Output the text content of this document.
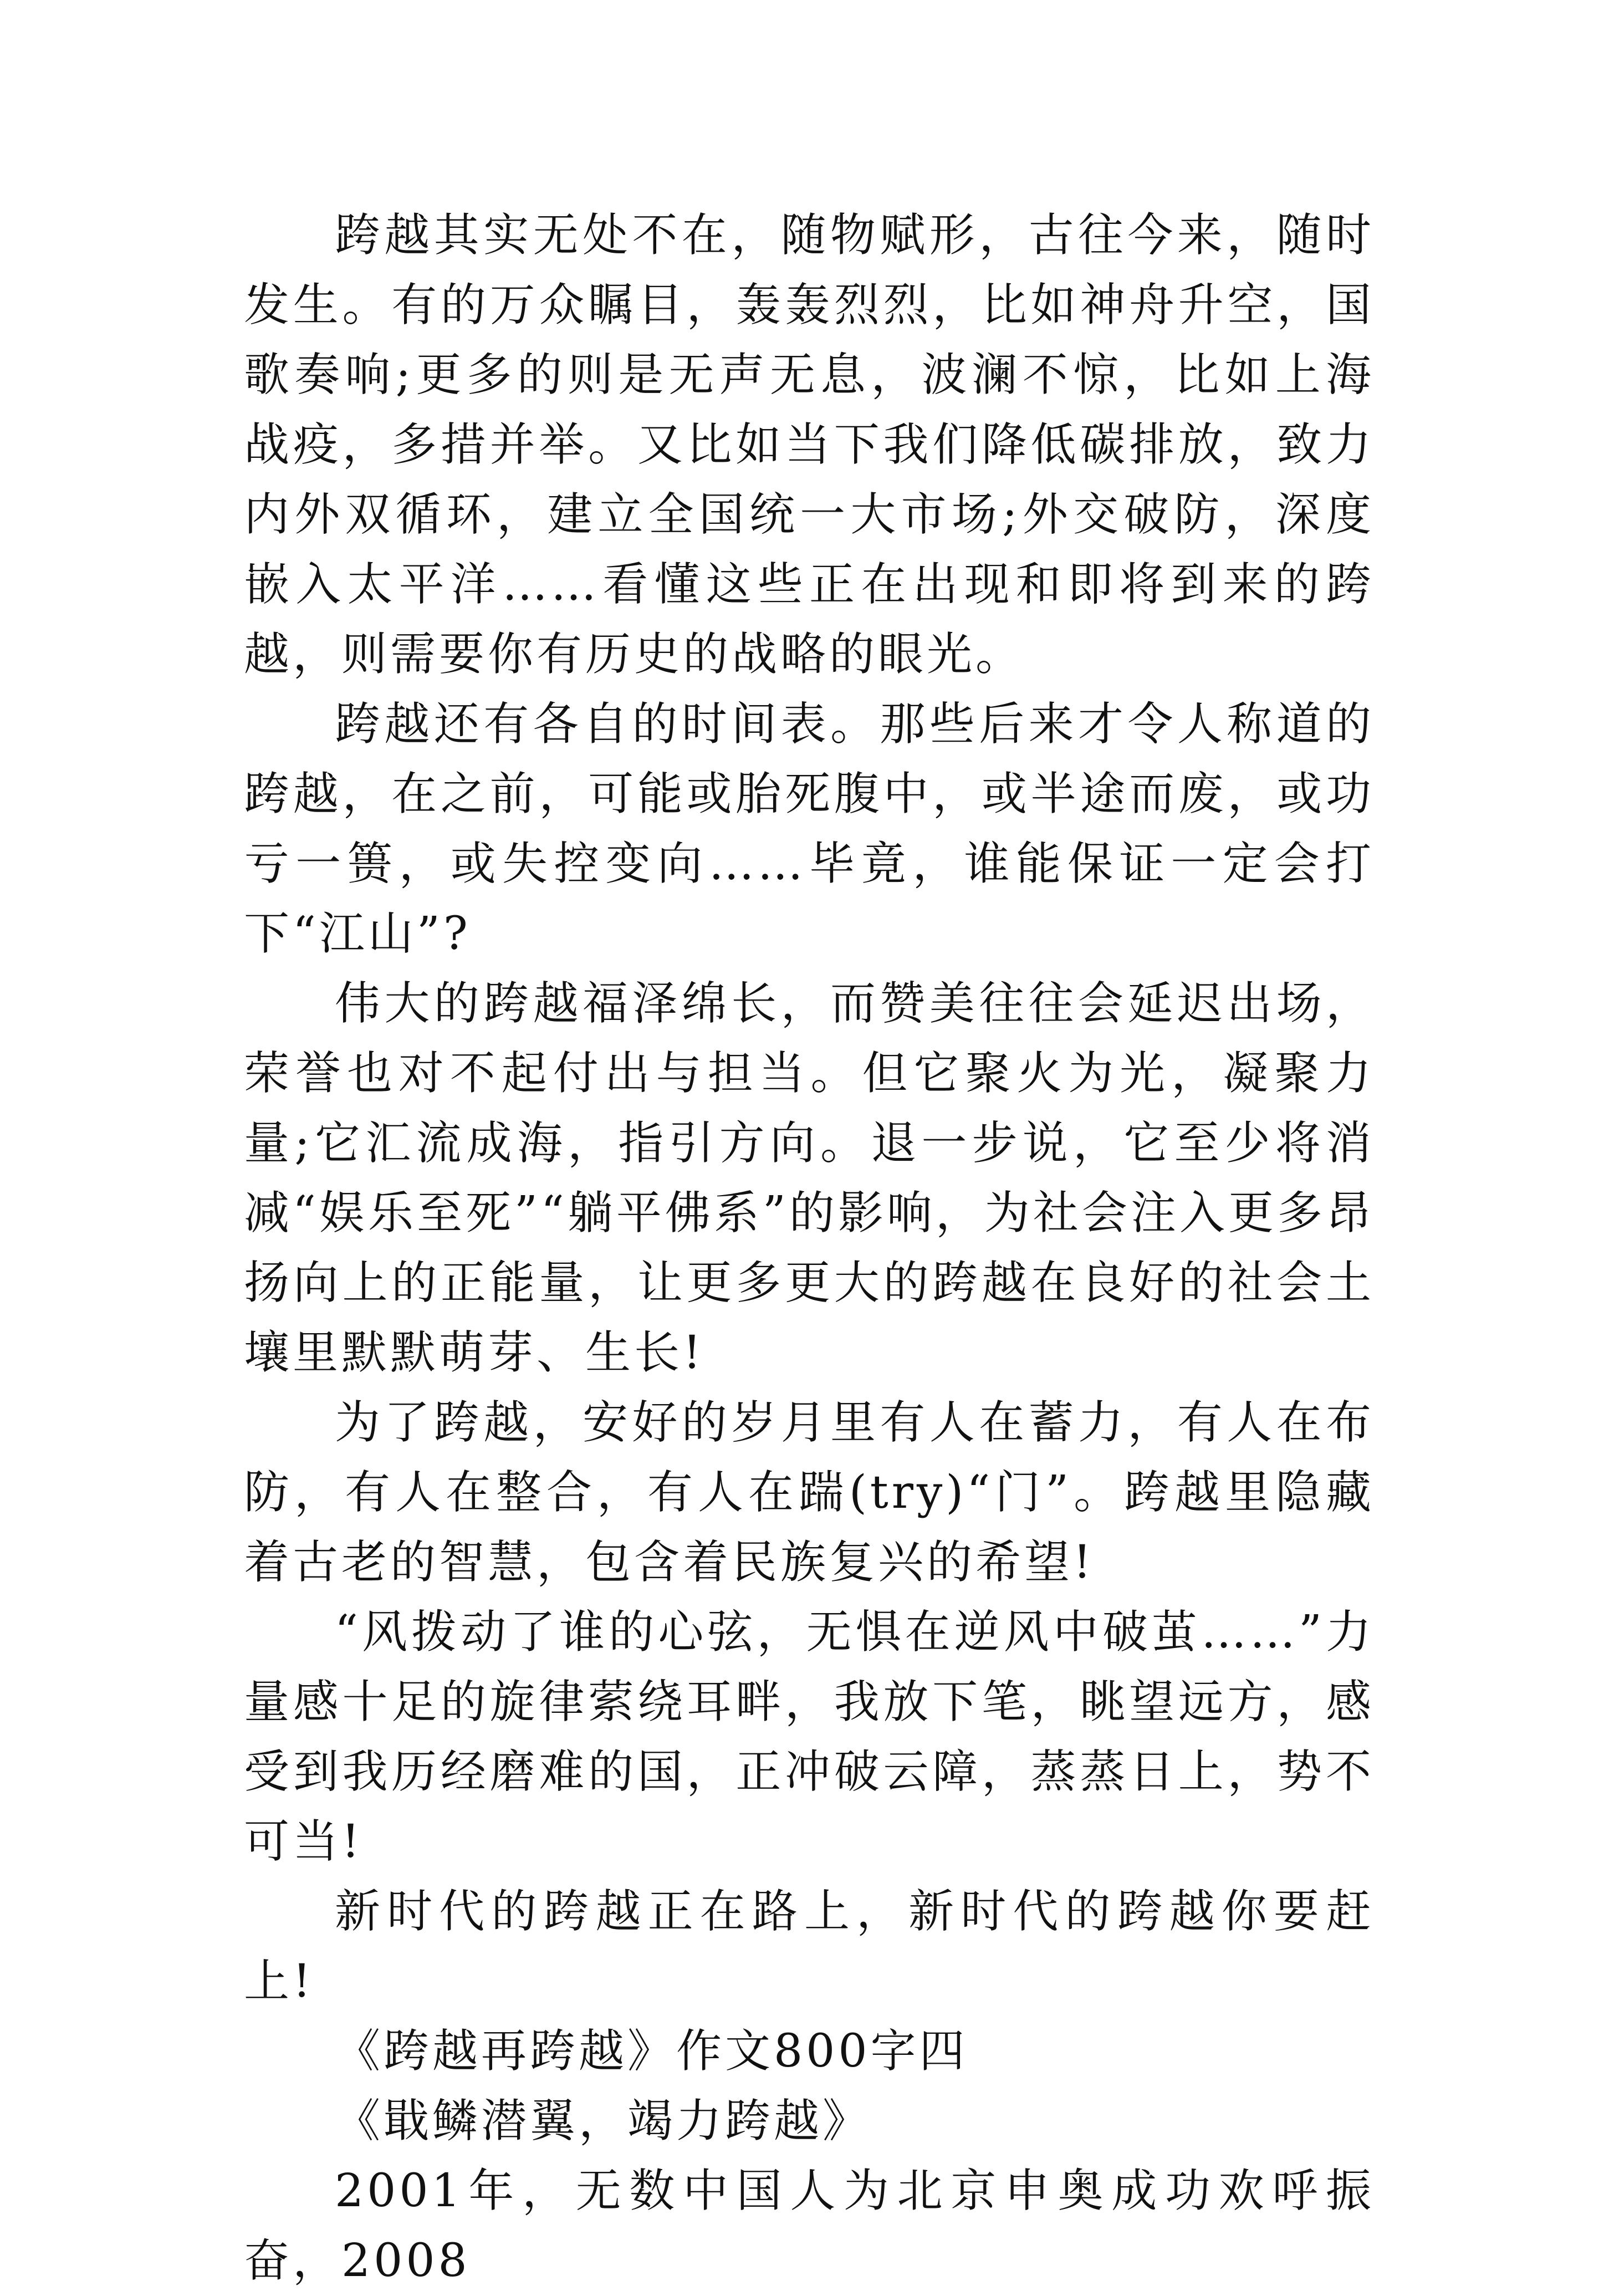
跨越其实无处不在，随物赋形，古往今来，随时发生。有的万众瞩目，轰轰烈烈，比如神舟升空，国歌奏响;更多的则是无声无息，波澜不惊，比如上海战疫，多措并举。又比如当下我们降低碳排放，致力内外双循环，建立全国统一大市场;外交破防，深度嵌入太平洋……看懂这些正在出现和即将到来的跨越，则需要你有历史的战略的眼光。

跨越还有各自的时间表。那些后来才令人称道的跨越，在之前，可能或胎死腹中，或半途而废，或功亏一篑，或失控变向……毕竟，谁能保证一定会打下“江山”?

伟大的跨越福泽绵长，而赞美往往会延迟出场，荣誉也对不起付出与担当。但它聚火为光，凝聚力量;它汇流成海，指引方向。退一步说，它至少将消减“娱乐至死”“躺平佛系”的影响，为社会注入更多昂扬向上的正能量，让更多更大的跨越在良好的社会土壤里默默萌芽、生长!

为了跨越，安好的岁月里有人在蓄力，有人在布防，有人在整合，有人在踹(try)“门”。跨越里隐藏着古老的智慧，包含着民族复兴的希望!

“风拨动了谁的心弦，无惧在逆风中破茧……”力量感十足的旋律萦绕耳畔，我放下笔，眺望远方，感受到我历经磨难的国，正冲破云障，蒸蒸日上，势不可当!

新时代的跨越正在路上，新时代的跨越你要赶上!

《跨越再跨越》作文800字四

《戢鳞潜翼，竭力跨越》

2001年，无数中国人为北京申奥成功欢呼振奋，2008
